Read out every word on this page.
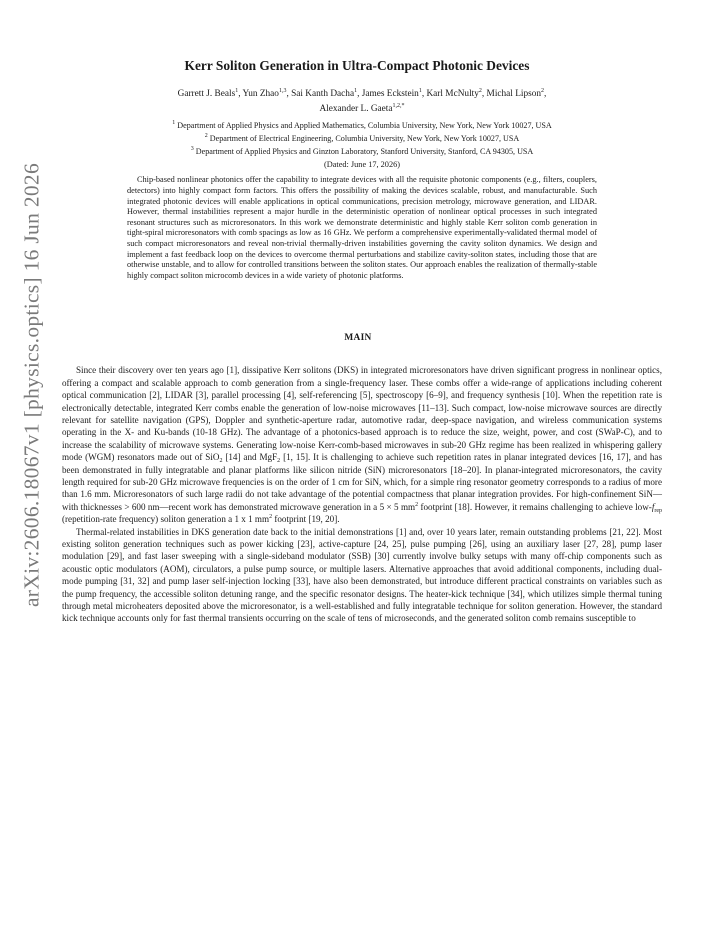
arXiv:2606.18067v1 [physics.optics] 16 Jun 2026
Kerr Soliton Generation in Ultra-Compact Photonic Devices
Garrett J. Beals$^1$, Yun Zhao$^{1,3}$, Sai Kanth Dacha$^1$, James Eckstein$^1$, Karl McNulty$^2$, Michal Lipson$^2$, Alexander L. Gaeta$^{1,2,*}$
$^1$ Department of Applied Physics and Applied Mathematics, Columbia University, New York, New York 10027, USA
$^2$ Department of Electrical Engineering, Columbia University, New York, New York 10027, USA
$^3$ Department of Applied Physics and Ginzton Laboratory, Stanford University, Stanford, CA 94305, USA
(Dated: June 17, 2026)
Chip-based nonlinear photonics offer the capability to integrate devices with all the requisite photonic components (e.g., filters, couplers, detectors) into highly compact form factors. This offers the possibility of making the devices scalable, robust, and manufacturable. Such integrated photonic devices will enable applications in optical communications, precision metrology, microwave generation, and LIDAR. However, thermal instabilities represent a major hurdle in the deterministic operation of nonlinear optical processes in such integrated resonant structures such as microresonators. In this work we demonstrate deterministic and highly stable Kerr soliton comb generation in tight-spiral microresonators with comb spacings as low as 16 GHz. We perform a comprehensive experimentally-validated thermal model of such compact microresonators and reveal non-trivial thermally-driven instabilities governing the cavity soliton dynamics. We design and implement a fast feedback loop on the devices to overcome thermal perturbations and stabilize cavity-soliton states, including those that are otherwise unstable, and to allow for controlled transitions between the soliton states. Our approach enables the realization of thermally-stable highly compact soliton microcomb devices in a wide variety of photonic platforms.
MAIN

Since their discovery over ten years ago [1], dissipative Kerr solitons (DKS) in integrated microresonators have driven significant progress in nonlinear optics, offering a compact and scalable approach to comb generation from a single-frequency laser. These combs offer a wide-range of applications including coherent optical communication [2], LIDAR [3], parallel processing [4], self-referencing [5], spectroscopy [6–9], and frequency synthesis [10]. When the repetition rate is electronically detectable, integrated Kerr combs enable the generation of low-noise microwaves [11–13]. Such compact, low-noise microwave sources are directly relevant for satellite navigation (GPS), Doppler and synthetic-aperture radar, automotive radar, deep-space navigation, and wireless communication systems operating in the X- and Ku-bands (10-18 GHz). The advantage of a photonics-based approach is to reduce the size, weight, power, and cost (SWaP-C), and to increase the scalability of microwave systems. Generating low-noise Kerr-comb-based microwaves in sub-20 GHz regime has been realized in whispering gallery mode (WGM) resonators made out of SiO$_2$ [14] and MgF$_2$ [1, 15]. It is challenging to achieve such repetition rates in planar integrated devices [16, 17], and has been demonstrated in fully integratable and planar platforms like silicon nitride (SiN) microresonators [18–20]. In planar-integrated microresonators, the cavity length required for sub-20 GHz microwave frequencies is on the order of 1 cm for SiN, which, for a simple ring resonator geometry corresponds to a radius of more than 1.6 mm. Microresonators of such large radii do not take advantage of the potential compactness that planar integration provides. For high-confinement SiN—with thicknesses > 600 nm—recent work has demonstrated microwave generation in a 5 × 5 $mm^2$ footprint [18]. However, it remains challenging to achieve low-$f_{rep}$ (repetition-rate frequency) soliton generation a 1 x 1 $mm^2$ footprint [19, 20].

Thermal-related instabilities in DKS generation date back to the initial demonstrations [1] and, over 10 years later, remain outstanding problems [21, 22]. Most existing soliton generation techniques such as power kicking [23], active-capture [24, 25], pulse pumping [26], using an auxiliary laser [27, 28], pump laser modulation [29], and fast laser sweeping with a single-sideband modulator (SSB) [30] currently involve bulky setups with many off-chip components such as acoustic optic modulators (AOM), circulators, a pulse pump source, or multiple lasers. Alternative approaches that avoid additional components, including dual-mode pumping [31, 32] and pump laser self-injection locking [33], have also been demonstrated, but introduce different practical constraints on variables such as the pump frequency, the accessible soliton detuning range, and the specific resonator designs. The heater-kick technique [34], which utilizes simple thermal tuning through metal microheaters deposited above the microresonator, is a well-established and fully integratable technique for soliton generation. However, the standard kick technique accounts only for fast thermal transients occurring on the scale of tens of microseconds, and the generated soliton comb remains susceptible to
